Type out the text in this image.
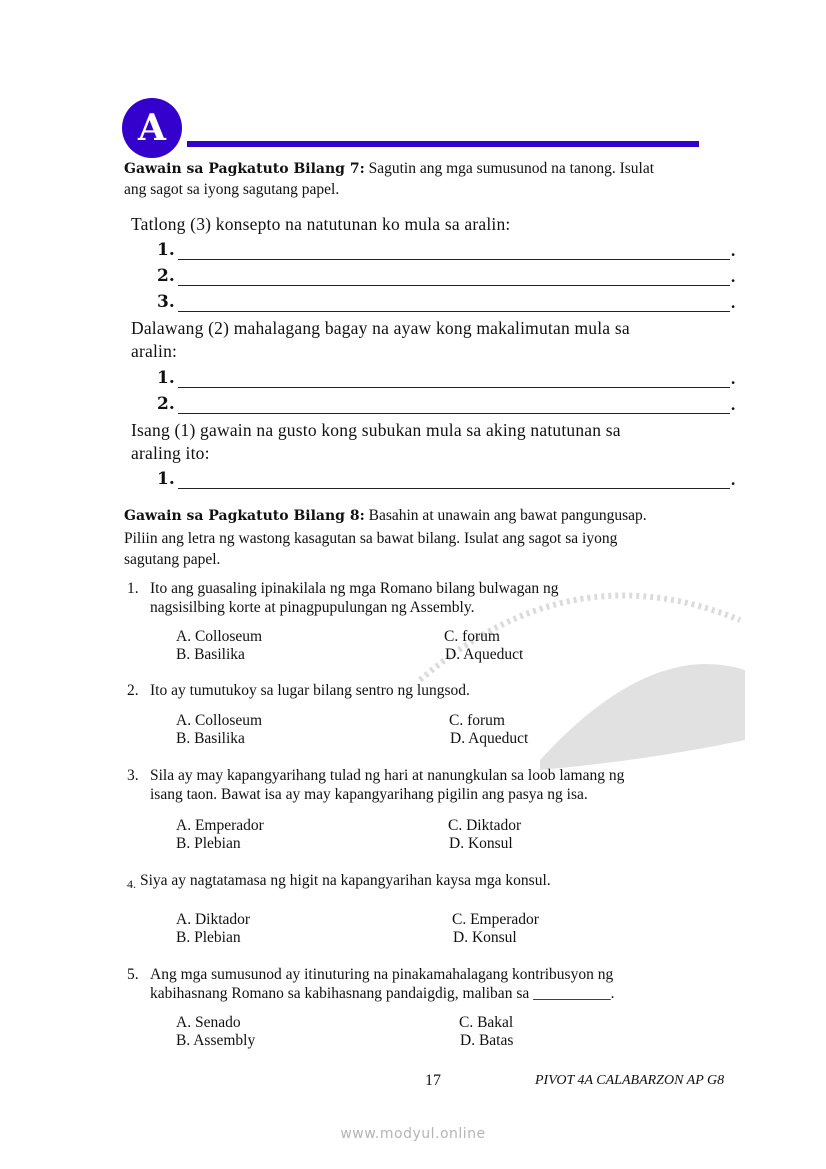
A
Gawain sa Pagkatuto Bilang 7: Sagutin ang mga sumusunod na tanong. Isulat
ang sagot sa iyong sagutang papel.
Tatlong (3) konsepto na natutunan ko mula sa aralin:
1.	.
2.	.
3.	.
1.	.
2.	.
1.	.
Dalawang (2) mahalagang bagay na ayaw kong makalimutan mula sa
aralin:
Isang (1) gawain na gusto kong subukan mula sa aking natutunan sa
araling ito:
Gawain sa Pagkatuto Bilang 8: Basahin at unawain ang bawat pangungusap.
Piliin ang letra ng wastong kasagutan sa bawat bilang. Isulat ang sagot sa iyong
sagutang papel.
1. Ito ang guasaling ipinakilala ng mga Romano bilang bulwagan ng
nagsisilbing korte at pinagpupulungan ng Assembly.
A. Colloseum
B. Basilika
C. forum
D. Aqueduct
2. Ito ay tumutukoy sa lugar bilang sentro ng lungsod.

A. Colloseum
B. Basilika
C. forum
D. Aqueduct
3. Sila ay may kapangyarihang tulad ng hari at nanungkulan sa loob lamang ng
isang taon. Bawat isa ay may kapangyarihang pigilin ang pasya ng isa.
A. Emperador
B. Plebian
C. Diktador
D. Konsul
4. Siya ay nagtatamasa ng higit na kapangyarihan kaysa mga konsul.

A. Diktador
B. Plebian
C. Emperador
D. Konsul
5. Ang mga sumusunod ay itinuturing na pinakamahalagang kontribusyon ng
kabihasnang Romano sa kabihasnang pandaigdig, maliban sa __________.
A. Senado
B. Assembly
C. Bakal
D. Batas
17	PIVOT 4A CALABARZON AP G8
www.modyul.online
